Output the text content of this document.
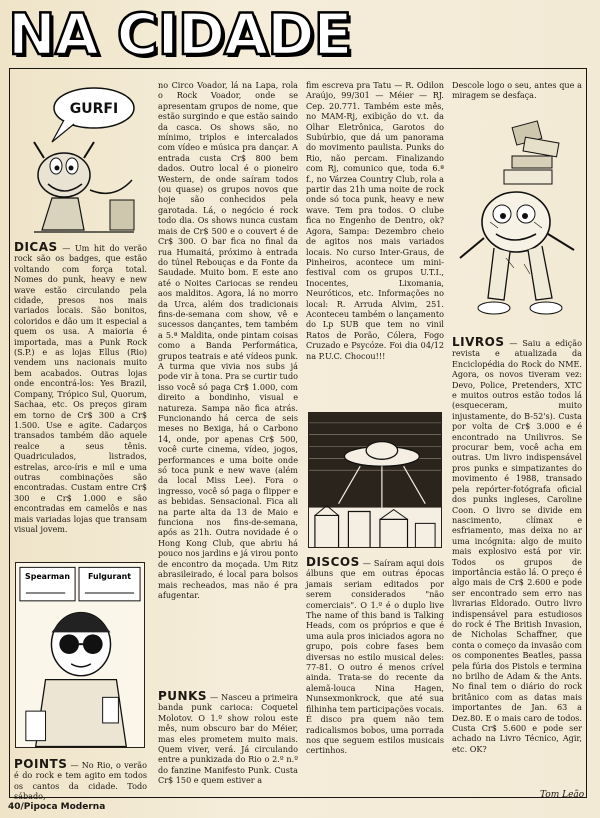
NA CIDADE
GURFI

DICAS — Um hit do verão rock são os badges, que estão voltando com força total. Nomes do punk, heavy e new wave estão circulando pela cidade, presos nos mais variados locais. São bonitos, coloridos e dão um it especial a quem os usa. A maioria é importada, mas a Punk Rock (S.P.) e as lojas Ellus (Rio) vendem uns nacionais muito bem acabados. Outras lojas onde encontrá-los: Yes Brazil, Company, Trópico Sul, Quorum, Sachaa, etc. Os preços giram em torno de Cr$ 300 a Cr$ 1.500. Use e agite. Cadarços transados também dão aquele realce a seus tênis. Quadriculados, listrados, estrelas, arco-íris e mil e uma outras combinações são encontradas. Custam entre Cr$ 300 e Cr$ 1.000 e são encontradas em camelôs e nas mais variadas lojas que transam visual jovem.

Spearman Fulgurant

POINTS — No Rio, o verão é do rock e tem agito em todos os cantos da cidade. Todo sábado,

no Circo Voador, lá na Lapa, rola o Rock Voador, onde se apresentam grupos de nome, que estão surgindo e que estão saindo da casca. Os shows são, no mínimo, triplos e intercalados com vídeo e música pra dançar. A entrada custa Cr$ 800 bem dados. Outro local é o pioneiro Western, de onde saíram todos (ou quase) os grupos novos que hoje são conhecidos pela garotada. Lá, o negócio é rock todo dia. Os shows nunca custam mais de Cr$ 500 e o couvert é de Cr$ 300. O bar fica no final da rua Humaitá, próximo à entrada do túnel Rebouças e da Fonte da Saudade. Muito bom. E este ano até o Noites Cariocas se rendeu aos malditos. Agora, lá no morro da Urca, além dos tradicionais fins-de-semana com show, vê e sucessos dançantes, tem também a 5.ª Maldita, onde pintam coisas como a Banda Performática, grupos teatrais e até vídeos punk. A turma que vivia nos subs já pode vir à tona. Pra se curtir tudo isso você só paga Cr$ 1.000, com direito a bondinho, visual e natureza. Sampa não fica atrás. Funcionando há cerca de seis meses no Bexiga, há o Carbono 14, onde, por apenas Cr$ 500, você curte cinema, vídeo, jogos, performances e uma boite onde só toca punk e new wave (além da local Miss Lee). Fora o ingresso, você só paga o flipper e as bebidas. Sensacional. Fica ali na parte alta da 13 de Maio e funciona nos fins-de-semana, após as 21h. Outra novidade é o Hong Kong Club, que abriu há pouco nos jardins e já virou ponto de encontro da moçada. Um Ritz abrasileirado, é local para bolsos mais recheados, mas não é pra afugentar.

PUNKS — Nasceu a primeira banda punk carioca: Coquetel Molotov. O 1.º show rolou este mês, num obscuro bar do Méier, mas eles prometem muito mais. Quem viver, verá. Já circulando entre a punkizada do Rio o 2.º n.º do fanzine Manifesto Punk. Custa Cr$ 150 e quem estiver a

fim escreva pra Tatu — R. Odilon Araújo, 99/301 — Méier — RJ. Cep. 20.771. Também este mês, no MAM-Rj, exibição do v.t. da Olhar Eletrônica, Garotos do Subúrbio, que dá um panorama do movimento paulista. Punks do Rio, não percam. Finalizando com Rj, comunico que, toda 6.ª f., no Várzea Country Club, rola a partir das 21h uma noite de rock onde só toca punk, heavy e new wave. Tem pra todos. O clube fica no Engenho de Dentro, ok? Agora, Sampa: Dezembro cheio de agitos nos mais variados locais. No curso Inter-Graus, de Pinheiros, acontece um mini-festival com os grupos U.T.I., Inocentes, Lixomania, Neuróticos, etc. Informações no local: R. Arruda Alvim, 251. Aconteceu também o lançamento do Lp SUB que tem no vinil Ratos de Porão, Cólera, Fogo Cruzado e Psycóze. Foi dia 04/12 na P.U.C. Chocou!!!

DISCOS — Saíram aqui dois álbuns que em outras épocas jamais seriam editados por serem considerados "não comerciais". O 1.º é o duplo live The name of this band is Talking Heads, com os próprios e que é uma aula pros iniciados agora no grupo, pois cobre fases bem diversas no estilo musical deles: 77-81. O outro é menos crível ainda. Trata-se do recente da alemã-louca Nina Hagen, Nunsexmonkrock, que até sua filhinha tem participações vocais. É disco pra quem não tem radicalismos bobos, uma porrada nos que seguem estilos musicais certinhos.

Descole logo o seu, antes que a miragem se desfaça.

LIVROS — Saiu a edição revista e atualizada da Enciclopédia do Rock do NME. Agora, os novos tiveram vez: Devo, Police, Pretenders, XTC e muitos outros estão todos lá (esqueceram, muito injustamente, do B-52's). Custa por volta de Cr$ 3.000 e é encontrado na Unilivros. Se procurar bem, você acha em outras. Um livro indispensável pros punks e simpatizantes do movimento é 1988, transado pela repórter-fotógrafa oficial dos punks ingleses, Caroline Coon. O livro se divide em nascimento, clímax e esfriamento, mas deixa no ar uma incógnita: algo de muito mais explosivo está por vir. Todos os grupos de importância estão lá. O preço é algo mais de Cr$ 2.600 e pode ser encontrado sem erro nas livrarias Eldorado. Outro livro indispensável para estudiosos do rock é The British Invasion, de Nicholas Schaffner, que conta o começo da invasão com os componentes Beatles, passa pela fúria dos Pistols e termina no brilho de Adam & the Ants. No final tem o diário do rock britânico com as datas mais importantes de Jan. 63 a Dez.80. E o mais caro de todos. Custa Cr$ 5.600 e pode ser achado na Livro Técnico, Agir, etc. OK?

Tom Leão
40/Pipoca Moderna
